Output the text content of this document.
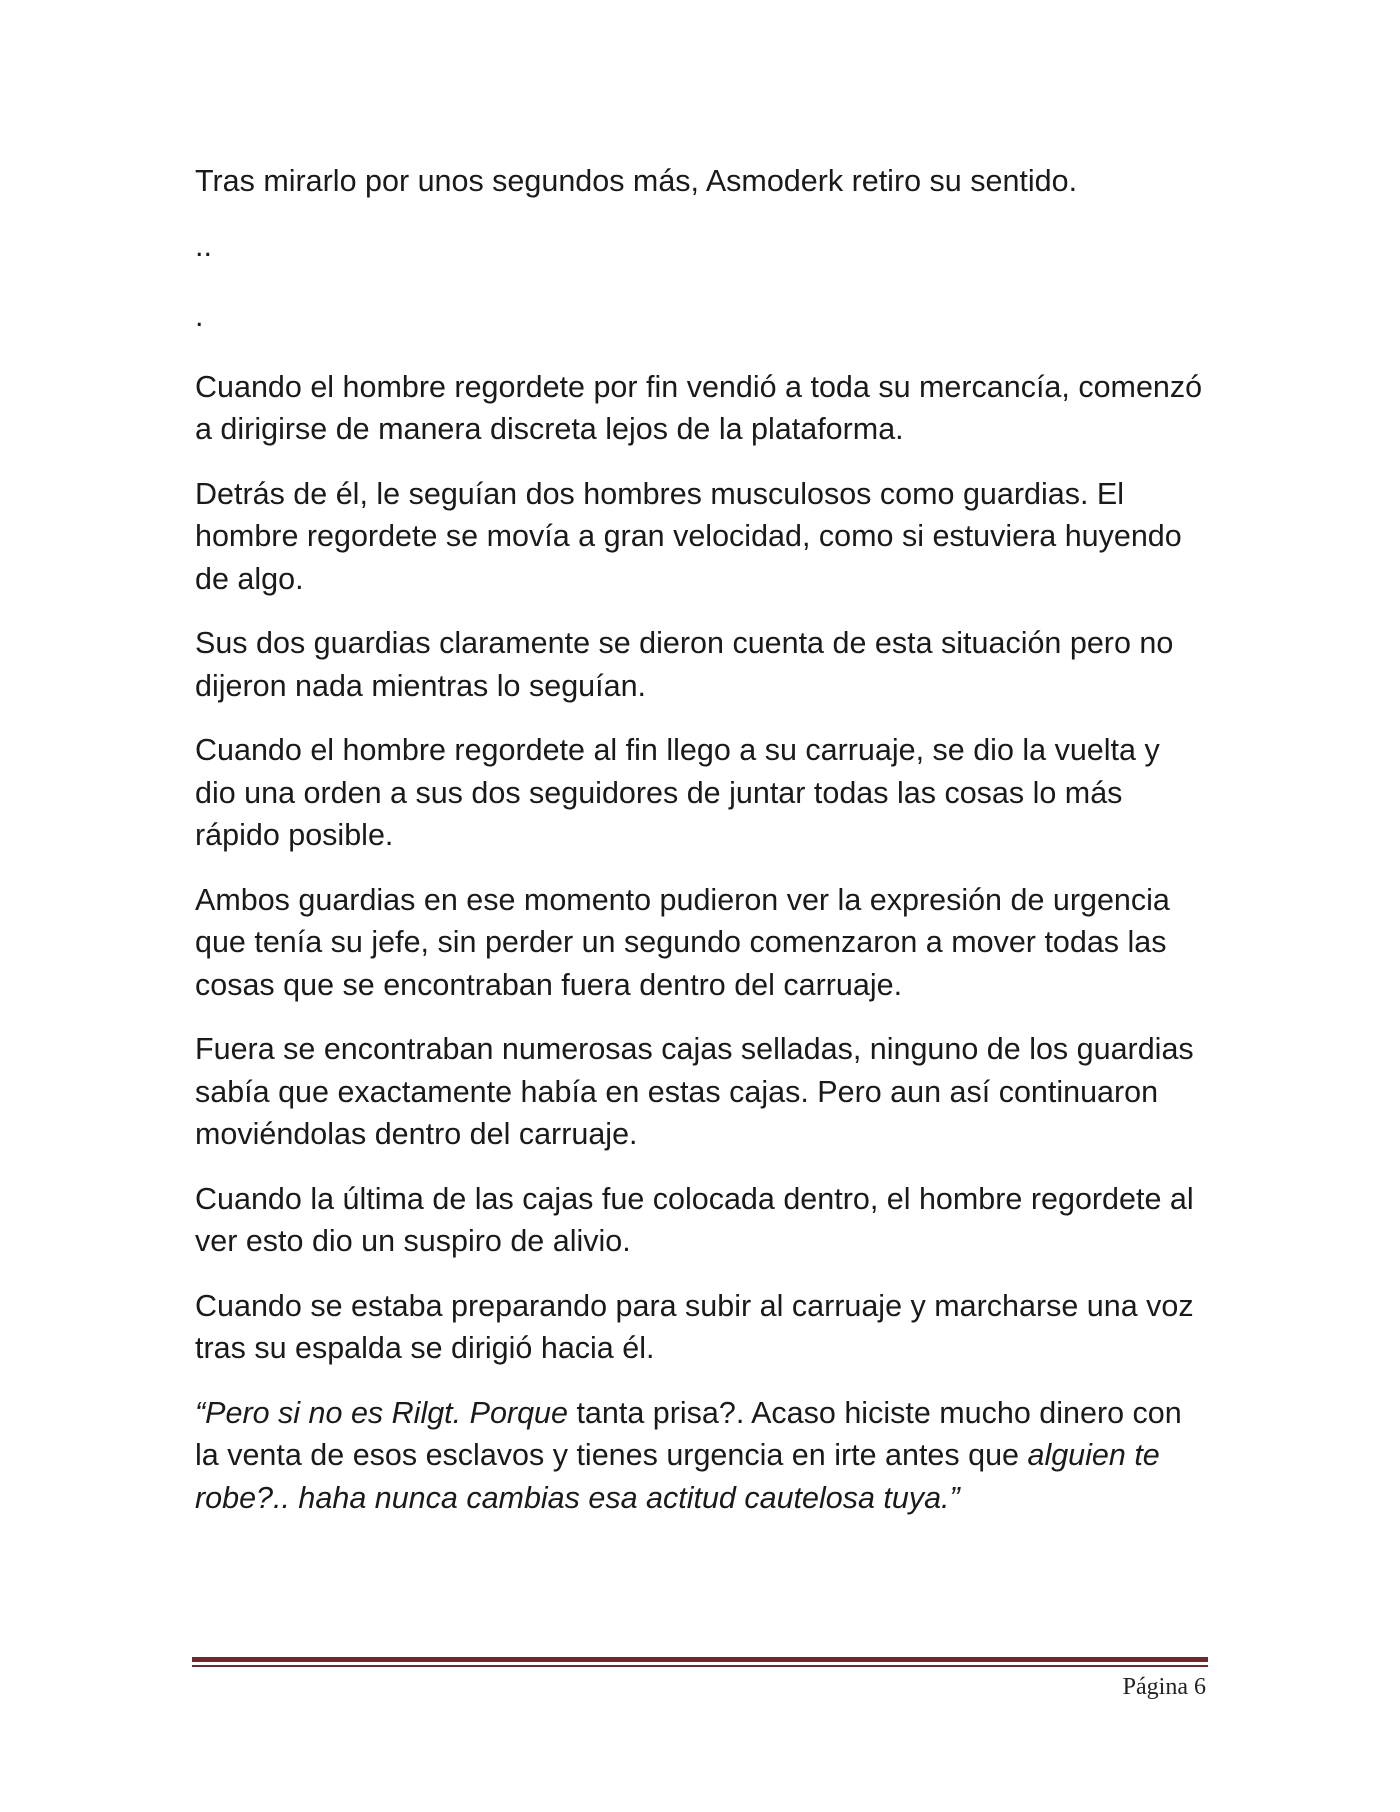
Tras mirarlo por unos segundos más, Asmoderk retiro su sentido.

..

.

Cuando el hombre regordete por fin vendió a toda su mercancía, comenzó a dirigirse de manera discreta lejos de la plataforma.

Detrás de él, le seguían dos hombres musculosos como guardias. El hombre regordete se movía a gran velocidad, como si estuviera huyendo de algo.

Sus dos guardias claramente se dieron cuenta de esta situación pero no dijeron nada mientras lo seguían.

Cuando el hombre regordete al fin llego a su carruaje, se dio la vuelta y dio una orden a sus dos seguidores de juntar todas las cosas lo más rápido posible.

Ambos guardias en ese momento pudieron ver la expresión de urgencia que tenía su jefe, sin perder un segundo comenzaron a mover todas las cosas que se encontraban fuera dentro del carruaje.

Fuera se encontraban numerosas cajas selladas, ninguno de los guardias sabía que exactamente había en estas cajas. Pero aun así continuaron moviéndolas dentro del carruaje.

Cuando la última de las cajas fue colocada dentro, el hombre regordete al ver esto dio un suspiro de alivio.

Cuando se estaba preparando para subir al carruaje y marcharse una voz tras su espalda se dirigió hacia él.

“Pero si no es Rilgt. Porque tanta prisa?. Acaso hiciste mucho dinero con la venta de esos esclavos y tienes urgencia en irte antes que alguien te robe?.. haha nunca cambias esa actitud cautelosa tuya.”

Página 6
